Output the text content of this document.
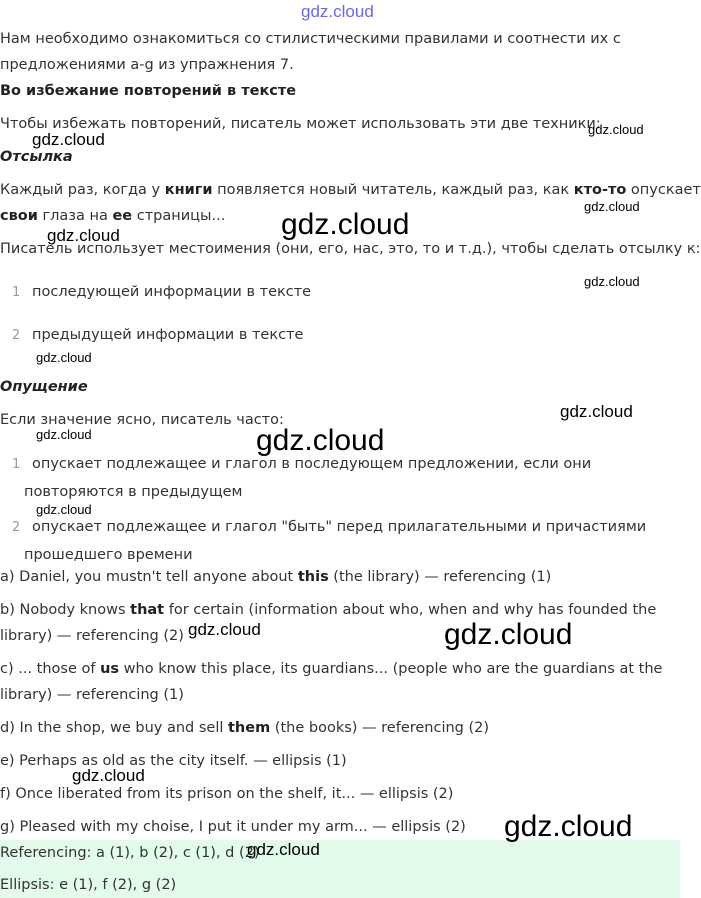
gdz.cloud
Нам необходимо ознакомиться со стилистическими правилами и соотнести их с
предложениями a-g из упражнения 7.
Во избежание повторений в тексте
Чтобы избежать повторений, писатель может использовать эти две техники:
Отсылка
Каждый раз, когда у книги появляется новый читатель, каждый раз, как кто-то опускает
свои глаза на ее страницы...
Писатель использует местоимения (они, его, нас, это, то и т.д.), чтобы сделать отсылку к:
1 последующей информации в тексте
2 предыдущей информации в тексте
Опущение
Если значение ясно, писатель часто:
1 опускает подлежащее и глагол в последующем предложении, если они
повторяются в предыдущем
2 опускает подлежащее и глагол "быть" перед прилагательными и причастиями
прошедшего времени
a) Daniel, you mustn't tell anyone about this (the library) — referencing (1)
b) Nobody knows that for certain (information about who, when and why has founded the
library) — referencing (2)
c) ... those of us who know this place, its guardians... (people who are the guardians at the
library) — referencing (1)
d) In the shop, we buy and sell them (the books) — referencing (2)
e) Perhaps as old as the city itself. — ellipsis (1)
f) Once liberated from its prison on the shelf, it... — ellipsis (2)
g) Pleased with my choise, I put it under my arm... — ellipsis (2)
Referencing: a (1), b (2), c (1), d (2)
Ellipsis: e (1), f (2), g (2)
gdz.cloud
gdz.cloud
gdz.cloud
gdz.cloud
gdz.cloud
gdz.cloud
gdz.cloud
gdz.cloud
gdz.cloud	gdz.cloud
gdz.cloud
gdz.cloud	gdz.cloud
gdz.cloud
gdz.cloud
gdz.cloud
